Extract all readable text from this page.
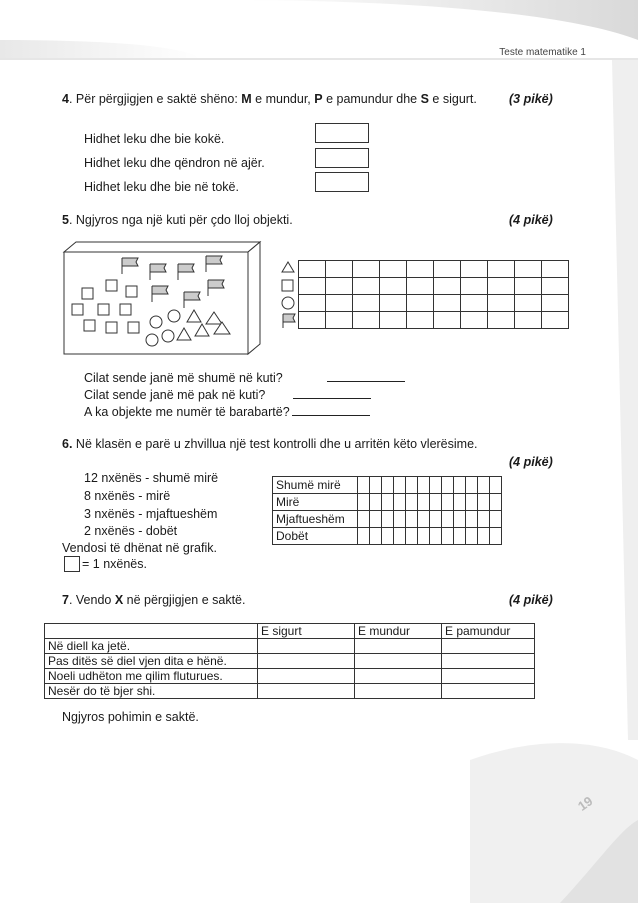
Teste matematike 1
4. Për përgjigjen e saktë shëno: M e mundur, P e pamundur dhe S e sigurt.	(3 pikë)
Hidhet leku dhe bie kokë.
Hidhet leku dhe qëndron në ajër.
Hidhet leku dhe bie në tokë.
5. Ngjyros nga një kuti për çdo lloj objekti.	(4 pikë)

Cilat sende janë më shumë në kuti?
Cilat sende janë më pak në kuti?
A ka objekte me numër të barabartë?
6. Në klasën e parë u zhvillua një test kontrolli dhe u arritën këto vlerësime.
(4 pikë)
12 nxënës - shumë mirë
8 nxënës - mirë
3 nxënës - mjaftueshëm
2 nxënës - dobët
Vendosi të dhënat në grafik.
= 1 nxënës.
Shumë mirë												
Mirë												
Mjaftueshëm												
Dobët												
7. Vendo X në përgjigjen e saktë.	(4 pikë)
	E sigurt	E mundur	E pamundur
Në diell ka jetë.			
Pas ditës së diel vjen dita e hënë.			
Noeli udhëton me qilim fluturues.			
Nesër do të bjer shi.			
Ngjyros pohimin e saktë.
19
